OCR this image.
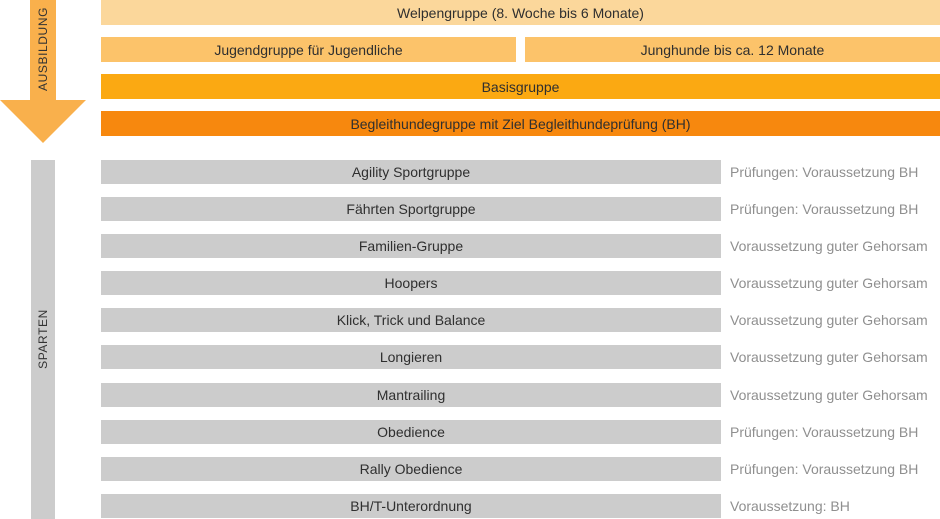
AUSBILDUNG
SPARTEN
Welpengruppe (8. Woche bis 6 Monate)
Jugendgruppe für Jugendliche	Junghunde bis ca. 12 Monate
Basisgruppe
Begleithundegruppe mit Ziel Begleithundeprüfung (BH)
Agility Sportgruppe	Prüfungen: Voraussetzung BH
Fährten Sportgruppe	Prüfungen: Voraussetzung BH
Familien-Gruppe	Voraussetzung guter Gehorsam
Hoopers	Voraussetzung guter Gehorsam
Klick, Trick und Balance	Voraussetzung guter Gehorsam
Longieren	Voraussetzung guter Gehorsam
Mantrailing	Voraussetzung guter Gehorsam
Obedience	Prüfungen: Voraussetzung BH
Rally Obedience	Prüfungen: Voraussetzung BH
BH/T-Unterordnung	Voraussetzung: BH
